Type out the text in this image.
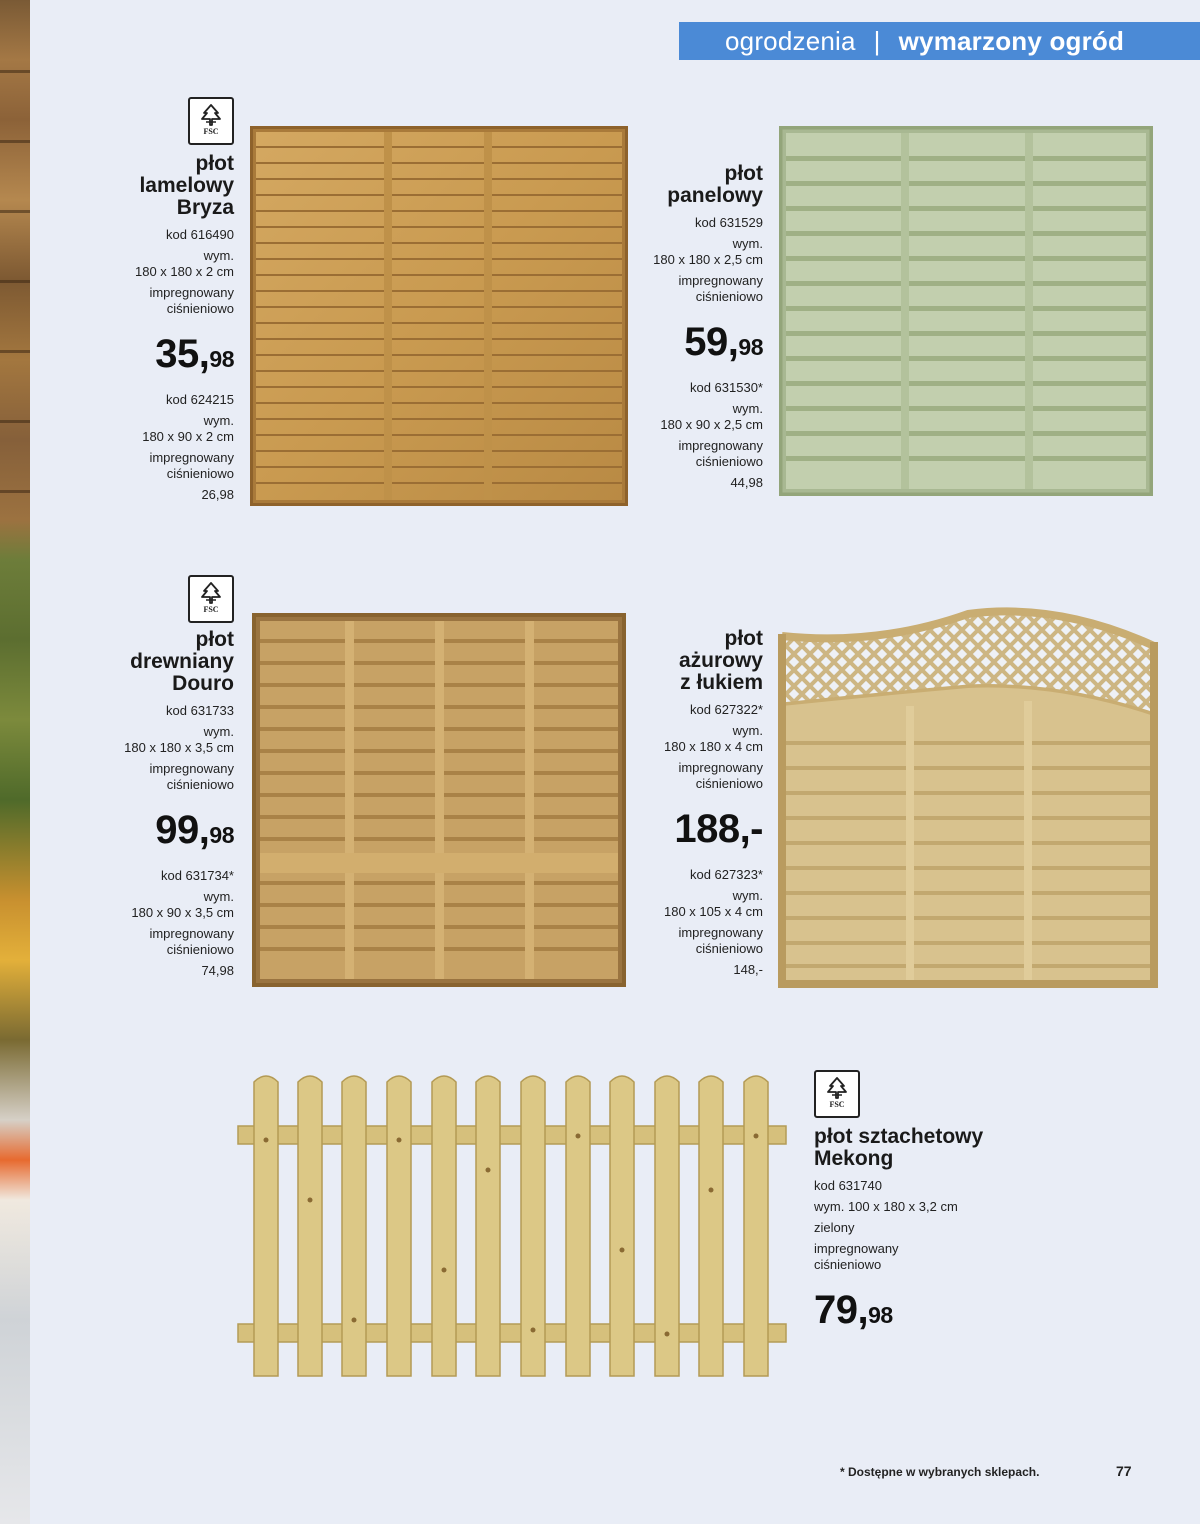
ogrodzenia | wymarzony ogród
FSC
płot
lamelowy
Bryza
kod 616490
wym.
180 x 180 x 2 cm
impregnowany
ciśnieniowo
35,98
kod 624215
wym.
180 x 90 x 2 cm
impregnowany
ciśnieniowo
26,98
płot
panelowy
kod 631529
wym.
180 x 180 x 2,5 cm
impregnowany
ciśnieniowo
59,98
kod 631530*
wym.
180 x 90 x 2,5 cm
impregnowany
ciśnieniowo
44,98
FSC
płot
drewniany
Douro
kod 631733
wym.
180 x 180 x 3,5 cm
impregnowany
ciśnieniowo
99,98
kod 631734*
wym.
180 x 90 x 3,5 cm
impregnowany
ciśnieniowo
74,98
płot
ażurowy
z łukiem
kod 627322*
wym.
180 x 180 x 4 cm
impregnowany
ciśnieniowo
188,-
kod 627323*
wym.
180 x 105 x 4 cm
impregnowany
ciśnieniowo
148,-
FSC
płot sztachetowy
Mekong
kod 631740
wym. 100 x 180 x 3,2 cm
zielony
impregnowany
ciśnieniowo
79,98
* Dostępne w wybranych sklepach.	77
